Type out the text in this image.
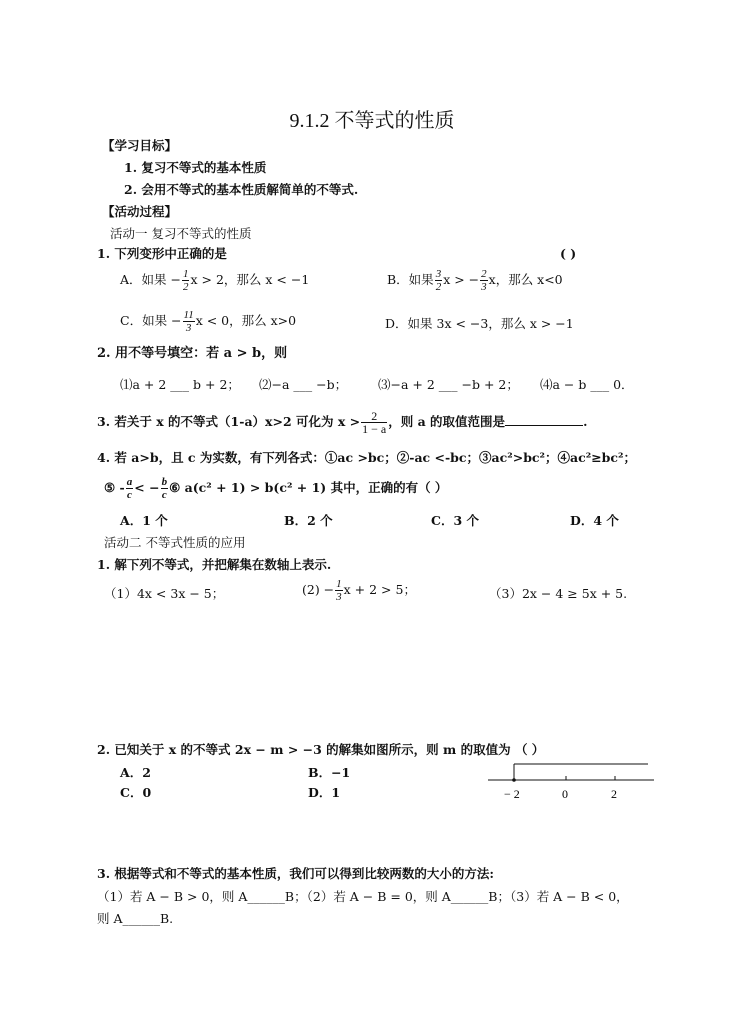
9.1.2 不等式的性质
【学习目标】
1. 复习不等式的基本性质
2. 会用不等式的基本性质解简单的不等式.
【活动过程】
活动一 复习不等式的性质
1. 下列变形中正确的是	( )
A．如果 − $\frac{1}{2}$ x > 2，那么 x < −1	B．如果 $\frac{3}{2}$ x > − $\frac{2}{3}$ x，那么 x<0
C．如果 − $\frac{11}{3}$ x < 0，那么 x>0	D．如果 3x < −3，那么 x > −1
2. 用不等号填空：若 a > b，则
⑴a + 2 ___ b + 2； ⑵−a ___ −b； ⑶−a + 2 ___ −b + 2； ⑷a − b ___ 0．
3. 若关于 x 的不等式（1-a）x>2 可化为 $x > \frac{2}{1 - a}$ ，则 a 的取值范围是	.
4. 若 a>b，且 c 为实数，有下列各式：①ac >bc；②-ac <-bc；③ac²>bc²；④ac²≥bc²；
⑤ - $\frac{a}{c}$ < − $\frac{b}{c}$ ⑥ a(c² + 1) > b(c² + 1) 其中，正确的有（ ）
A．1 个	B．2 个	C．3 个	D．4 个
活动二 不等式性质的应用
1. 解下列不等式，并把解集在数轴上表示.
（1）4x < 3x − 5；	$(2) - \frac{1}{3}$ x + 2 > 5；	（3）2x − 4 ≥ 5x + 5.
2. 已知关于 x 的不等式 2x − m > −3 的解集如图所示，则 m 的取值为 （ ）
A．2	B．−1
C．0	D．1	− 2	0	2
3. 根据等式和不等式的基本性质，我们可以得到比较两数的大小的方法:
（1）若 A − B > 0，则 A______B；（2）若 A − B = 0，则 A______B；（3）若 A − B < 0，
则 A______B.
